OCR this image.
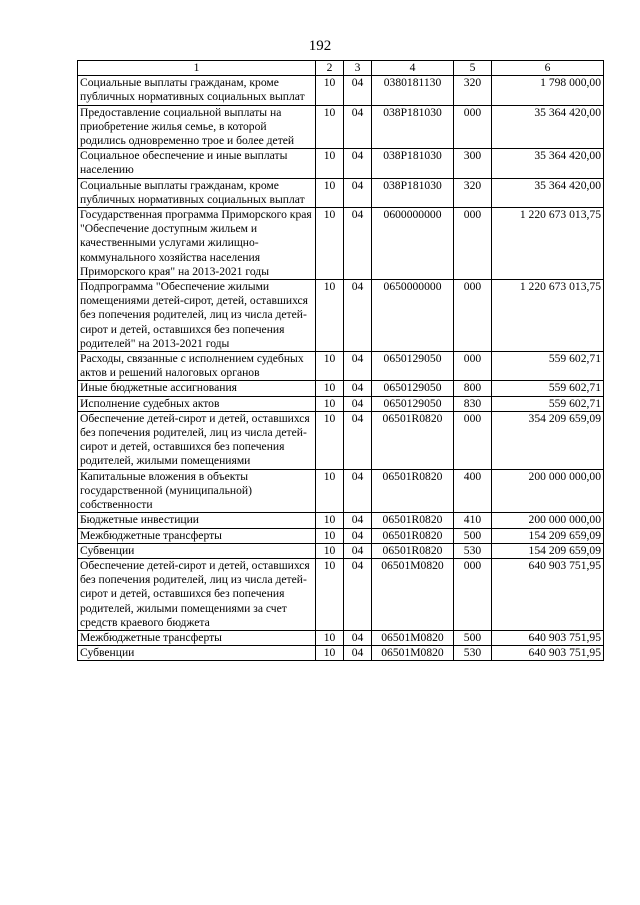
192
1	2	3	4	5	6
Социальные выплаты гражданам, кроме публичных нормативных социальных выплат	10	04	0380181130	320	1 798 000,00
Предоставление социальной выплаты на приобретение жилья семье, в которой родились одновременно трое и более детей	10	04	038P181030	000	35 364 420,00
Социальное обеспечение и иные выплаты населению	10	04	038P181030	300	35 364 420,00
Социальные выплаты гражданам, кроме публичных нормативных социальных выплат	10	04	038P181030	320	35 364 420,00
Государственная программа Приморского края "Обеспечение доступным жильем и качественными услугами жилищно-коммунального хозяйства населения Приморского края" на 2013-2021 годы	10	04	0600000000	000	1 220 673 013,75
Подпрограмма "Обеспечение жилыми помещениями детей-сирот, детей, оставшихся без попечения родителей, лиц из числа детей-сирот и детей, оставшихся без попечения родителей" на 2013-2021 годы	10	04	0650000000	000	1 220 673 013,75
Расходы, связанные с исполнением судебных актов и решений налоговых органов	10	04	0650129050	000	559 602,71
Иные бюджетные ассигнования	10	04	0650129050	800	559 602,71
Исполнение судебных актов	10	04	0650129050	830	559 602,71
Обеспечение детей-сирот и детей, оставшихся без попечения родителей, лиц из числа детей-сирот и детей, оставшихся без попечения родителей, жилыми помещениями	10	04	06501R0820	000	354 209 659,09
Капитальные вложения в объекты государственной (муниципальной) собственности	10	04	06501R0820	400	200 000 000,00
Бюджетные инвестиции	10	04	06501R0820	410	200 000 000,00
Межбюджетные трансферты	10	04	06501R0820	500	154 209 659,09
Субвенции	10	04	06501R0820	530	154 209 659,09
Обеспечение детей-сирот и детей, оставшихся без попечения родителей, лиц из числа детей-сирот и детей, оставшихся без попечения родителей, жилыми помещениями за счет средств краевого бюджета	10	04	06501M0820	000	640 903 751,95
Межбюджетные трансферты	10	04	06501M0820	500	640 903 751,95
Субвенции	10	04	06501M0820	530	640 903 751,95
